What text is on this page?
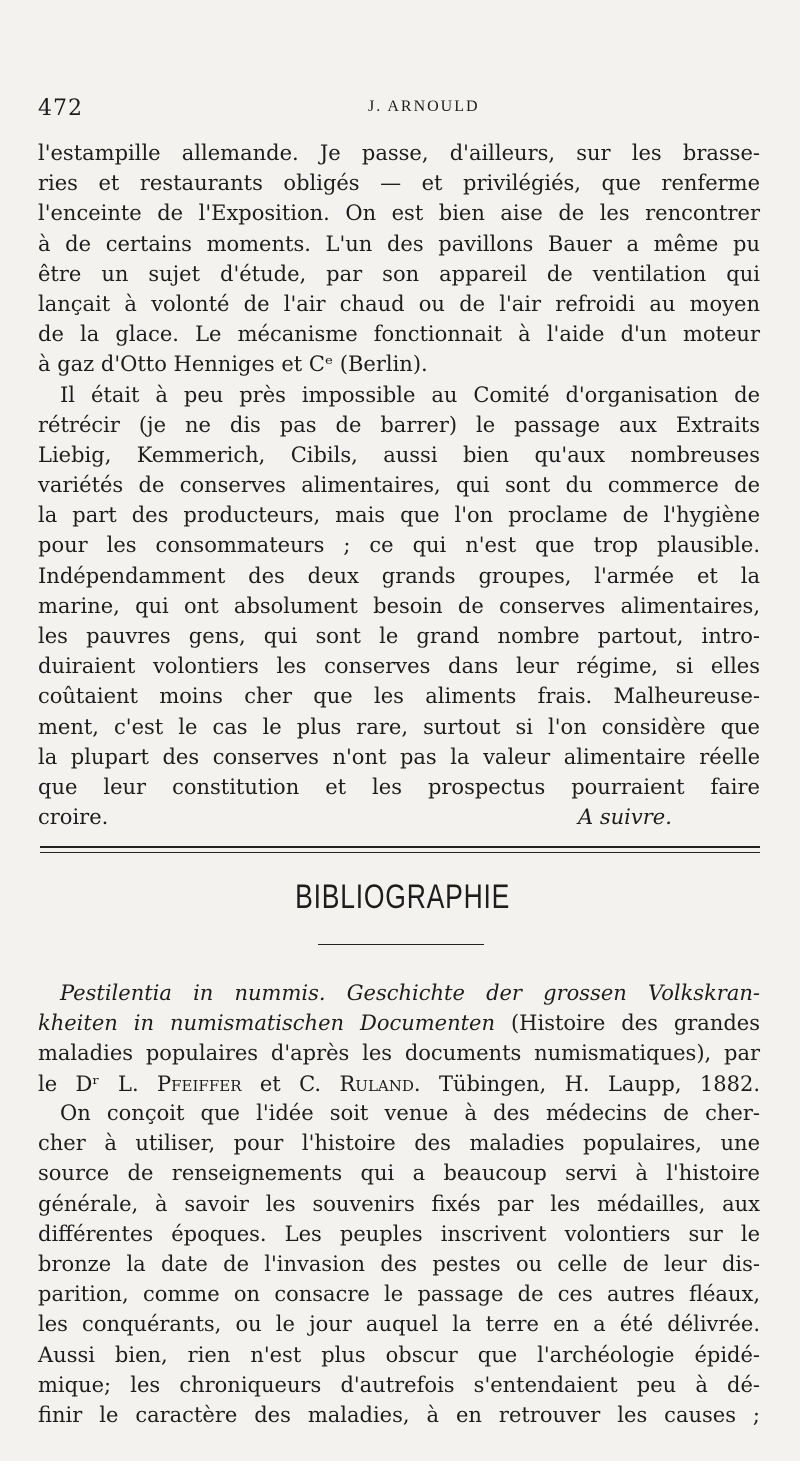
472	J. ARNOULD
l'estampille allemande. Je passe, d'ailleurs, sur les brasse-
ries et restaurants obligés — et privilégiés, que renferme
l'enceinte de l'Exposition. On est bien aise de les rencontrer
à de certains moments. L'un des pavillons Bauer a même pu
être un sujet d'étude, par son appareil de ventilation qui
lançait à volonté de l'air chaud ou de l'air refroidi au moyen
de la glace. Le mécanisme fonctionnait à l'aide d'un moteur
à gaz d'Otto Henniges et Cᵉ (Berlin).
Il était à peu près impossible au Comité d'organisation de
rétrécir (je ne dis pas de barrer) le passage aux Extraits
Liebig, Kemmerich, Cibils, aussi bien qu'aux nombreuses
variétés de conserves alimentaires, qui sont du commerce de
la part des producteurs, mais que l'on proclame de l'hygiène
pour les consommateurs ; ce qui n'est que trop plausible.
Indépendamment des deux grands groupes, l'armée et la
marine, qui ont absolument besoin de conserves alimentaires,
les pauvres gens, qui sont le grand nombre partout, intro-
duiraient volontiers les conserves dans leur régime, si elles
coûtaient moins cher que les aliments frais. Malheureuse-
ment, c'est le cas le plus rare, surtout si l'on considère que
la plupart des conserves n'ont pas la valeur alimentaire réelle
que leur constitution et les prospectus pourraient faire
croire.	A suivre.
BIBLIOGRAPHIE
Pestilentia in nummis. Geschichte der grossen Volkskran-
kheiten in numismatischen Documenten (Histoire des grandes
maladies populaires d'après les documents numismatiques), par
le Dʳ L. Pfeiffer et C. Ruland. Tübingen, H. Laupp, 1882.
On conçoit que l'idée soit venue à des médecins de cher-
cher à utiliser, pour l'histoire des maladies populaires, une
source de renseignements qui a beaucoup servi à l'histoire
générale, à savoir les souvenirs fixés par les médailles, aux
différentes époques. Les peuples inscrivent volontiers sur le
bronze la date de l'invasion des pestes ou celle de leur dis-
parition, comme on consacre le passage de ces autres fléaux,
les conquérants, ou le jour auquel la terre en a été délivrée.
Aussi bien, rien n'est plus obscur que l'archéologie épidé-
mique; les chroniqueurs d'autrefois s'entendaient peu à dé-
finir le caractère des maladies, à en retrouver les causes ;
